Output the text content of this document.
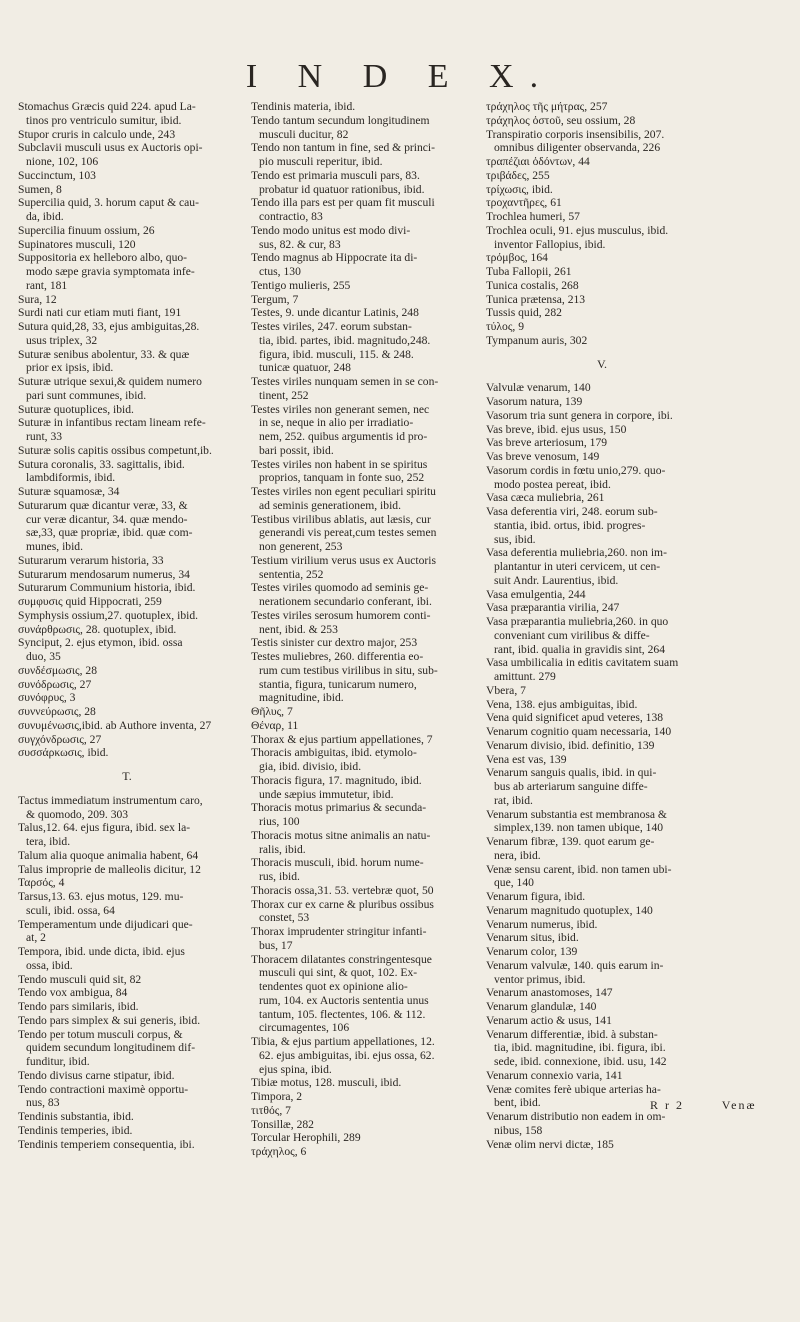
I N D E X.
Stomachus Græcis quid 224. apud La-
tinos pro ventriculo sumitur, ibid.
Stupor cruris in calculo unde, 243
Subclavii musculi usus ex Auctoris opi-
nione, 102, 106
Succinctum, 103
Sumen, 8
Supercilia quid, 3. horum caput & cau-
da, ibid.
Supercilia finuum ossium, 26
Supinatores musculi, 120
Suppositoria ex helleboro albo, quo-
modo sæpe gravia symptomata infe-
rant, 181
Sura, 12
Surdi nati cur etiam muti fiant, 191
Sutura quid,28, 33, ejus ambiguitas,28.
usus triplex, 32
Suturæ senibus abolentur, 33. & quæ
prior ex ipsis, ibid.
Suturæ utrique sexui,& quidem numero
pari sunt communes, ibid.
Suturæ quotuplices, ibid.
Suturæ in infantibus rectam lineam refe-
runt, 33
Suturæ solis capitis ossibus competunt,ib.
Sutura coronalis, 33. sagittalis, ibid.
lambdiformis, ibid.
Suturæ squamosæ, 34
Suturarum quæ dicantur veræ, 33, &
cur veræ dicantur, 34. quæ mendo-
sæ,33, quæ propriæ, ibid. quæ com-
munes, ibid.
Suturarum verarum historia, 33
Suturarum mendosarum numerus, 34
Suturarum Communium historia, ibid.
συμφυσις quid Hippocrati, 259
Symphysis ossium,27. quotuplex, ibid.
συνάρθρωσις, 28. quotuplex, ibid.
Synciput, 2. ejus etymon, ibid. ossa
duo, 35
συνδέσμωσις, 28
συνόδρωσις, 27
συνόφρυς, 3
συννεύρωσις, 28
συνυμένωσις,ibid. ab Authore inventa, 27
συγχόνδρωσις, 27
συσσάρκωσις, ibid.
T.
Tactus immediatum instrumentum caro,
& quomodo, 209. 303
Talus,12. 64. ejus figura, ibid. sex la-
tera, ibid.
Talum alia quoque animalia habent, 64
Talus improprie de malleolis dicitur, 12
Ταρσός, 4
Tarsus,13. 63. ejus motus, 129. mu-
sculi, ibid. ossa, 64
Temperamentum unde dijudicari que-
at, 2
Tempora, ibid. unde dicta, ibid. ejus
ossa, ibid.
Tendo musculi quid sit, 82
Tendo vox ambigua, 84
Tendo pars similaris, ibid.
Tendo pars simplex & sui generis, ibid.
Tendo per totum musculi corpus, &
quidem secundum longitudinem dif-
funditur, ibid.
Tendo divisus carne stipatur, ibid.
Tendo contractioni maximè opportu-
nus, 83
Tendinis substantia, ibid.
Tendinis temperies, ibid.
Tendinis temperiem consequentia, ibi.
Tendinis materia, ibid.
Tendo tantum secundum longitudinem
musculi ducitur, 82
Tendo non tantum in fine, sed & princi-
pio musculi reperitur, ibid.
Tendo est primaria musculi pars, 83.
probatur id quatuor rationibus, ibid.
Tendo illa pars est per quam fit musculi
contractio, 83
Tendo modo unitus est modo divi-
sus, 82. & cur, 83
Tendo magnus ab Hippocrate ita di-
ctus, 130
Tentigo mulieris, 255
Tergum, 7
Testes, 9. unde dicantur Latinis, 248
Testes viriles, 247. eorum substan-
tia, ibid. partes, ibid. magnitudo,248.
figura, ibid. musculi, 115. & 248.
tunicæ quatuor, 248
Testes viriles nunquam semen in se con-
tinent, 252
Testes viriles non generant semen, nec
in se, neque in alio per irradiatio-
nem, 252. quibus argumentis id pro-
bari possit, ibid.
Testes viriles non habent in se spiritus
proprios, tanquam in fonte suo, 252
Testes viriles non egent peculiari spiritu
ad seminis generationem, ibid.
Testibus virilibus ablatis, aut læsis, cur
generandi vis pereat,cum testes semen
non generent, 253
Testium virilium verus usus ex Auctoris
sententia, 252
Testes viriles quomodo ad seminis ge-
nerationem secundario conferant, ibi.
Testes viriles serosum humorem conti-
nent, ibid. & 253
Testis sinister cur dextro major, 253
Testes muliebres, 260. differentia eo-
rum cum testibus virilibus in situ, sub-
stantia, figura, tunicarum numero,
magnitudine, ibid.
Θῆλυς, 7
Θέναρ, 11
Thorax & ejus partium appellationes, 7
Thoracis ambiguitas, ibid. etymolo-
gia, ibid. divisio, ibid.
Thoracis figura, 17. magnitudo, ibid.
unde sæpius immutetur, ibid.
Thoracis motus primarius & secunda-
rius, 100
Thoracis motus sitne animalis an natu-
ralis, ibid.
Thoracis musculi, ibid. horum nume-
rus, ibid.
Thoracis ossa,31. 53. vertebræ quot, 50
Thorax cur ex carne & pluribus ossibus
constet, 53
Thorax imprudenter stringitur infanti-
bus, 17
Thoracem dilatantes constringentesque
musculi qui sint, & quot, 102. Ex-
tendentes quot ex opinione alio-
rum, 104. ex Auctoris sententia unus
tantum, 105. flectentes, 106. & 112.
circumagentes, 106
Tibia, & ejus partium appellationes, 12.
62. ejus ambiguitas, ibi. ejus ossa, 62.
ejus spina, ibid.
Tibiæ motus, 128. musculi, ibid.
Timpora, 2
τιτθός, 7
Tonsillæ, 282
Torcular Herophili, 289
τράχηλος, 6
τράχηλος τῆς μήτρας, 257
τράχηλος ὀστοῦ, seu ossium, 28
Transpiratio corporis insensibilis, 207.
omnibus diligenter observanda, 226
τραπέζιαι ὀδόντων, 44
τριβάδες, 255
τρίχωσις, ibid.
τροχαντῆρες, 61
Trochlea humeri, 57
Trochlea oculi, 91. ejus musculus, ibid.
inventor Fallopius, ibid.
τρόμβος, 164
Tuba Fallopii, 261
Tunica costalis, 268
Tunica prætensa, 213
Tussis quid, 282
τύλος, 9
Tympanum auris, 302
V.
Valvulæ venarum, 140
Vasorum natura, 139
Vasorum tria sunt genera in corpore, ibi.
Vas breve, ibid. ejus usus, 150
Vas breve arteriosum, 179
Vas breve venosum, 149
Vasorum cordis in fœtu unio,279. quo-
modo postea pereat, ibid.
Vasa cæca muliebria, 261
Vasa deferentia viri, 248. eorum sub-
stantia, ibid. ortus, ibid. progres-
sus, ibid.
Vasa deferentia muliebria,260. non im-
plantantur in uteri cervicem, ut cen-
suit Andr. Laurentius, ibid.
Vasa emulgentia, 244
Vasa præparantia virilia, 247
Vasa præparantia muliebria,260. in quo
conveniant cum virilibus & diffe-
rant, ibid. qualia in gravidis sint, 264
Vasa umbilicalia in editis cavitatem suam
amittunt. 279
Vbera, 7
Vena, 138. ejus ambiguitas, ibid.
Vena quid significet apud veteres, 138
Venarum cognitio quam necessaria, 140
Venarum divisio, ibid. definitio, 139
Vena est vas, 139
Venarum sanguis qualis, ibid. in qui-
bus ab arteriarum sanguine diffe-
rat, ibid.
Venarum substantia est membranosa &
simplex,139. non tamen ubique, 140
Venarum fibræ, 139. quot earum ge-
nera, ibid.
Venæ sensu carent, ibid. non tamen ubi-
que, 140
Venarum figura, ibid.
Venarum magnitudo quotuplex, 140
Venarum numerus, ibid.
Venarum situs, ibid.
Venarum color, 139
Venarum valvulæ, 140. quis earum in-
ventor primus, ibid.
Venarum anastomoses, 147
Venarum glandulæ, 140
Venarum actio & usus, 141
Venarum differentiæ, ibid. à substan-
tia, ibid. magnitudine, ibi. figura, ibi.
sede, ibid. connexione, ibid. usu, 142
Venarum connexio varia, 141
Venæ comites ferè ubique arterias ha-
bent, ibid.
Venarum distributio non eadem in om-
nibus, 158
Venæ olim nervi dictæ, 185
R r 2	Venæ
